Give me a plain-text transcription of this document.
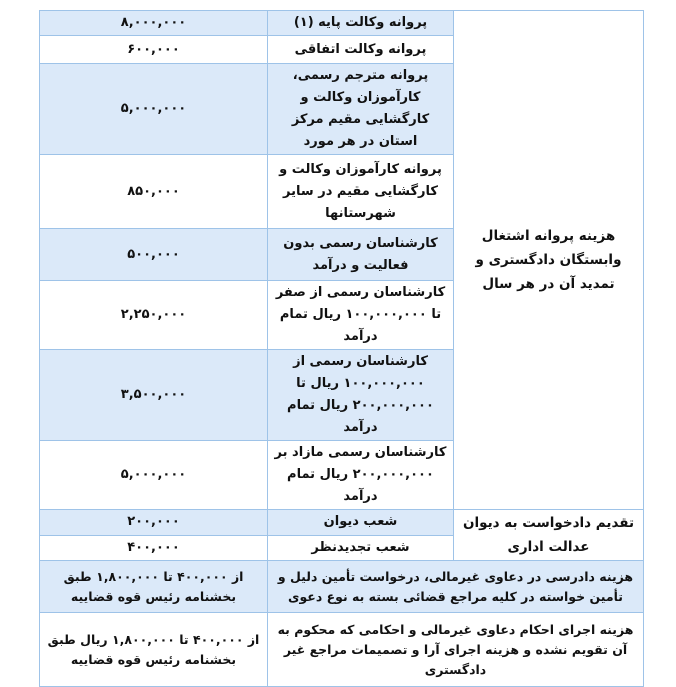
هزینه پروانه اشتغال وابستگان دادگستری و تمدید آن در هر سال	پروانه وکالت پایه (۱)	۸,۰۰۰,۰۰۰
	پروانه وکالت اتفاقی	۶۰۰,۰۰۰
	پروانه مترجم رسمی، کارآموزان وکالت و کارگشایی مقیم مرکز استان در هر مورد	۵,۰۰۰,۰۰۰
	پروانه کارآموزان وکالت و کارگشایی مقیم در سایر شهرستانها	۸۵۰,۰۰۰
	کارشناسان رسمی بدون فعالیت و درآمد	۵۰۰,۰۰۰
	کارشناسان رسمی از صفر تا ۱۰۰,۰۰۰,۰۰۰ ریال تمام درآمد	۲,۲۵۰,۰۰۰
	کارشناسان رسمی از ۱۰۰,۰۰۰,۰۰۰ ریال تا ۲۰۰,۰۰۰,۰۰۰ ریال تمام درآمد	۳,۵۰۰,۰۰۰
	کارشناسان رسمی مازاد بر ۲۰۰,۰۰۰,۰۰۰ ریال تمام درآمد	۵,۰۰۰,۰۰۰
تقدیم دادخواست به دیوان عدالت اداری	شعب دیوان	۲۰۰,۰۰۰
	شعب تجدیدنظر	۴۰۰,۰۰۰
هزینه دادرسی در دعاوی غیرمالی، درخواست تأمین دلیل و تأمین خواسته در کلیه مراجع قضائی بسته به نوع دعوی		از ۴۰۰,۰۰۰ تا ۱,۸۰۰,۰۰۰ طبق بخشنامه رئیس قوه قضاییه
هزینه اجرای احکام دعاوی غیرمالی و احکامی که محکوم به آن تقویم نشده و هزینه اجرای آرا و تصمیمات مراجع غیر دادگستری		از ۴۰۰,۰۰۰ تا ۱,۸۰۰,۰۰۰ ریال طبق بخشنامه رئیس قوه قضاییه
